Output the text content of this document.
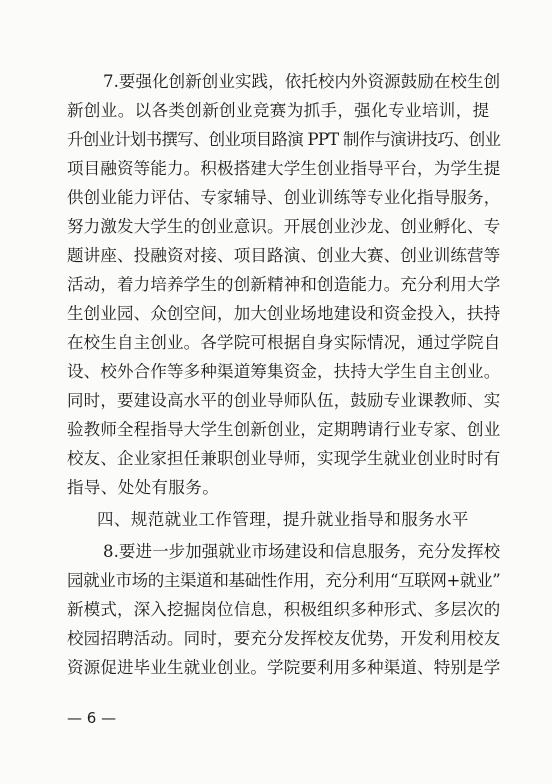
7.要强化创新创业实践，依托校内外资源鼓励在校生创
新创业。以各类创新创业竞赛为抓手，强化专业培训，提
升创业计划书撰写、创业项目路演 PPT 制作与演讲技巧、创业
项目融资等能力。积极搭建大学生创业指导平台，为学生提
供创业能力评估、专家辅导、创业训练等专业化指导服务，
努力激发大学生的创业意识。开展创业沙龙、创业孵化、专
题讲座、投融资对接、项目路演、创业大赛、创业训练营等
活动，着力培养学生的创新精神和创造能力。充分利用大学
生创业园、众创空间，加大创业场地建设和资金投入，扶持
在校生自主创业。各学院可根据自身实际情况，通过学院自
设、校外合作等多种渠道筹集资金，扶持大学生自主创业。
同时，要建设高水平的创业导师队伍，鼓励专业课教师、实
验教师全程指导大学生创新创业，定期聘请行业专家、创业
校友、企业家担任兼职创业导师，实现学生就业创业时时有
指导、处处有服务。
四、规范就业工作管理，提升就业指导和服务水平
8.要进一步加强就业市场建设和信息服务，充分发挥校
园就业市场的主渠道和基础性作用，充分利用“互联网+就业”
新模式，深入挖掘岗位信息，积极组织多种形式、多层次的
校园招聘活动。同时，要充分发挥校友优势，开发利用校友
资源促进毕业生就业创业。学院要利用多种渠道、特别是学
— 6 —
